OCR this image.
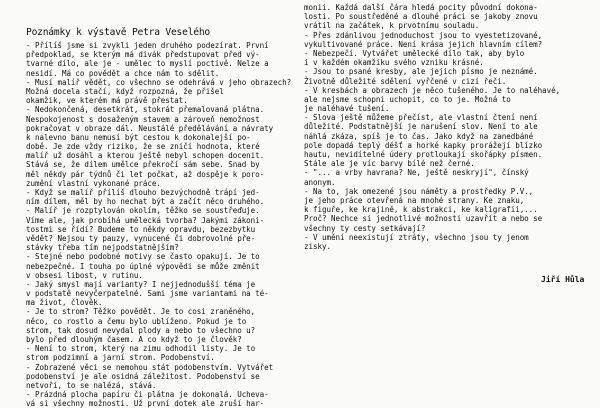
Poznámky k výstavě Petra Veselého
- Přílíš jsme si zvykli jeden druhého podezírat. První
předpoklad, se kterým má divák předstupovat před vý-
tvarné dílo, ale je - umělec to myslí poctivě. Nelze a
nesidí. Má co povědět a chce nám to sdělit.
- Musí malíř vědět, co všechno se odehrává v jeho obrazech?
Možná docela stačí, když rozpozná, že přišel
okamžik, ve kterém má právě přestat.
- Nedokončená, desetkrát, stokrát přemalovaná plátna.
Nespokojenost s dosaženým stavem a zároveň nemožnost
pokračovat v obraze dál. Neustálé předělávání a návraty
k nalevno banu nemusí být cestou k dokonalejší po-
době. Je zde vždy riziko, že se zničí hodnota, které
malíř už dosáhl a kterou ještě nebyl schopen docenit.
Stává se, že dílem umělce překročí sám sebe. Snad by
měl někdy pár týdnů či let počkat, až dospěje k poro-
zumění vlastní vykonané práce.
- Když se malíř přílíš dlouho bezvýchodně trápí jed-
ním dílem, měl by ho nechat být a začít něco druhého.
- Malíř je rozptylován okolím, těžko se soustřeďuje.
Víme ale, jak probíhá umělecká tvorba? Jakými zákoni-
tostmi se řídí? Budeme to někdy opravdu, bezezbytku
vědět? Nejsou ty pauzy, vynucené či dobrovolné pře-
stávky třeba tím nejpodstatnějším?
- Stejné nebo podobné motivy se často opakují. Je to
nebezpečné. I touha po úplné výpovědi se může změnit
v obsesi libost, v rutinu.
- Jaký smysl mají varianty? I nejjednodušší téma je
v podstatě nevyčerpatelné. Sami jsme variantami na té-
ma život, člověk.
- Je to strom? Těžko povědět. Je to cosi zraněného,
něco, co rostlo a čemu bylo ublíženo. Pokud je to
strom, tak dosud nevydal plody a nebo to všechno u?
bylo před dlouhým časem. A co když to je člověk?
- Není to strom, který na zimu odhodil listy. Je to
strom podzimní a jarní strom. Podobenství.
- Zobrazené věci se nemohou stát podobenstvím. Vytvářet
podobenství je ale osidná záležitost. Podobenství se
netvoří, to se nalézá, stává.
- Prázdná plocha papíru či plátna je dokonalá. Ucheva-
vá si všechny možnosti. Už první dotek ale zruší har-
monii. Každá další čára hledá pocity původní dokona-
losti. Po soustředěné a dlouhé práci se jakoby znovu
vrátil na začátek, k prvotnímu souladu.
- Přes zdánlivou jednoduchost jsou to vyestetizované,
vykultivované práce. Není krása jejich hlavním cílem?
- Nebezpečí. Vytvářet umělecké dílo tak, aby bylo
i v každém okamžiku svého vzniku krásné.
- Jsou to psané kresby, ale jejich písmo je neznámé.
Životně důležité sdělení vyřčené v cizí řeči.
- V kresbách a obrazech je něco tušeného. Je to naléhavé,
ale nejsme schopni uchopit, co to je. Možná to
je naléhavé tušení.
- Slova ještě můžeme přečíst, ale vlastní čtení není
důležité. Podstatnější je narušení slov. Není to ale
náhlá zkáza, spíš je to čas. Jako když na zanedbáné
pole dopadá teplý déšť a horké kapky prorážejí blízko
hautu, nevidítelné údery protloukají skořápky písmen.
Stále ale je víc barvy bílé než černé.
- "... a vrby havrana? Ne, ještě neskryjí", čínský
anonym.
- Na to, jak omezené jsou náměty a prostředky P.V.,
je jeho práce otevřená na mnohé strany. Ke znaku,
k figuře, ke krajině, k abstrakci, ke kaligrafii,...
Proč? Nechce si jednotlivé možnosti uzavřít a nebo se
všechny ty cesty setkávají?
- V umění neexistují ztráty, všechno jsou ty jenom
zisky.
Jiří Hůla
